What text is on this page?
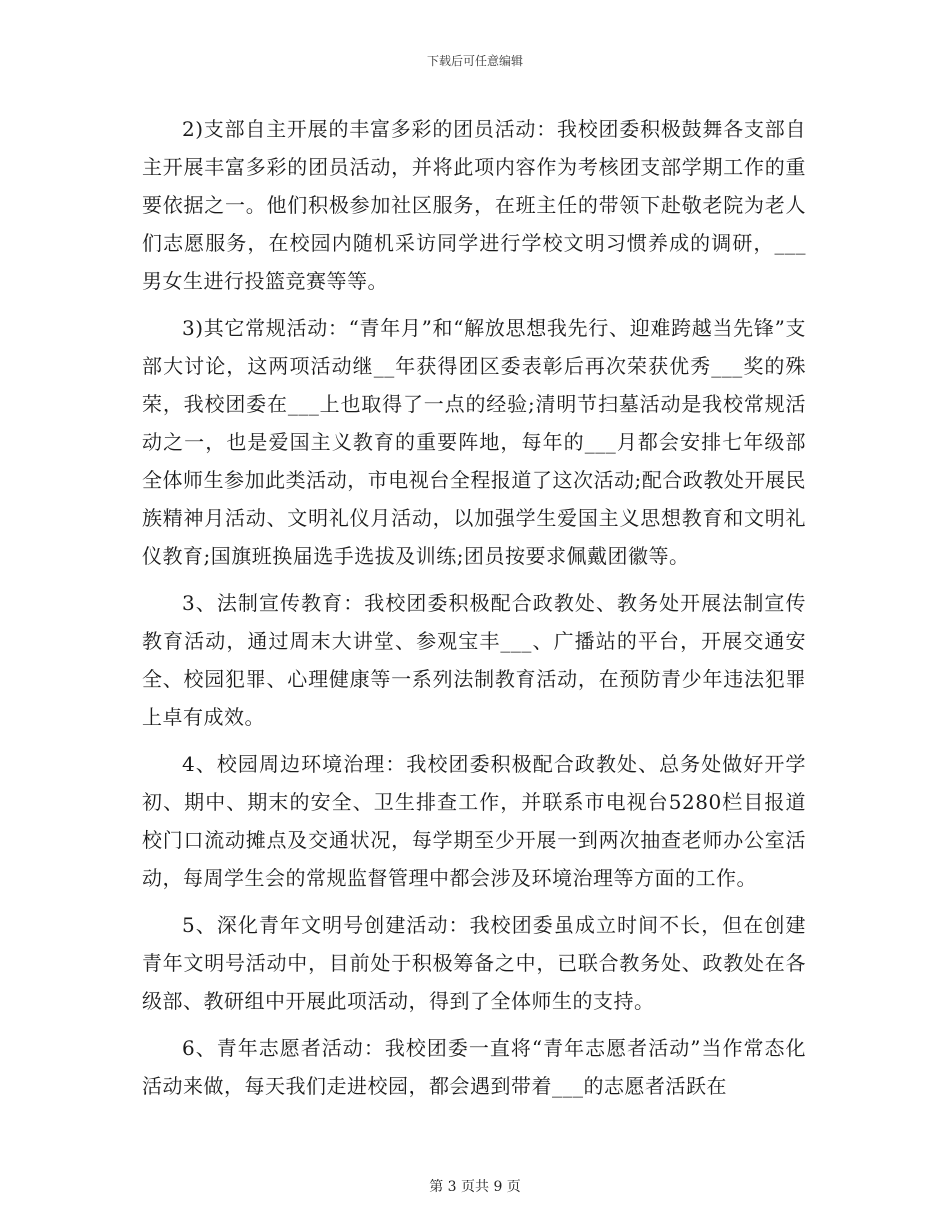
下载后可任意编辑

2)支部自主开展的丰富多彩的团员活动：我校团委积极鼓舞各支部自主开展丰富多彩的团员活动，并将此项内容作为考核团支部学期工作的重要依据之一。他们积极参加社区服务，在班主任的带领下赴敬老院为老人们志愿服务，在校园内随机采访同学进行学校文明习惯养成的调研，___男女生进行投篮竞赛等等。

3)其它常规活动：“青年月”和“解放思想我先行、迎难跨越当先锋”支部大讨论，这两项活动继__年获得团区委表彰后再次荣获优秀___奖的殊荣，我校团委在___上也取得了一点的经验;清明节扫墓活动是我校常规活动之一，也是爱国主义教育的重要阵地，每年的___月都会安排七年级部全体师生参加此类活动，市电视台全程报道了这次活动;配合政教处开展民族精神月活动、文明礼仪月活动，以加强学生爱国主义思想教育和文明礼仪教育;国旗班换届选手选拔及训练;团员按要求佩戴团徽等。

3、法制宣传教育：我校团委积极配合政教处、教务处开展法制宣传教育活动，通过周末大讲堂、参观宝丰___、广播站的平台，开展交通安全、校园犯罪、心理健康等一系列法制教育活动，在预防青少年违法犯罪上卓有成效。

4、校园周边环境治理：我校团委积极配合政教处、总务处做好开学初、期中、期末的安全、卫生排查工作，并联系市电视台5280栏目报道校门口流动摊点及交通状况，每学期至少开展一到两次抽查老师办公室活动，每周学生会的常规监督管理中都会涉及环境治理等方面的工作。

5、深化青年文明号创建活动：我校团委虽成立时间不长，但在创建青年文明号活动中，目前处于积极筹备之中，已联合教务处、政教处在各级部、教研组中开展此项活动，得到了全体师生的支持。

6、青年志愿者活动：我校团委一直将“青年志愿者活动”当作常态化活动来做，每天我们走进校园，都会遇到带着___的志愿者活跃在

第 3 页共 9 页
